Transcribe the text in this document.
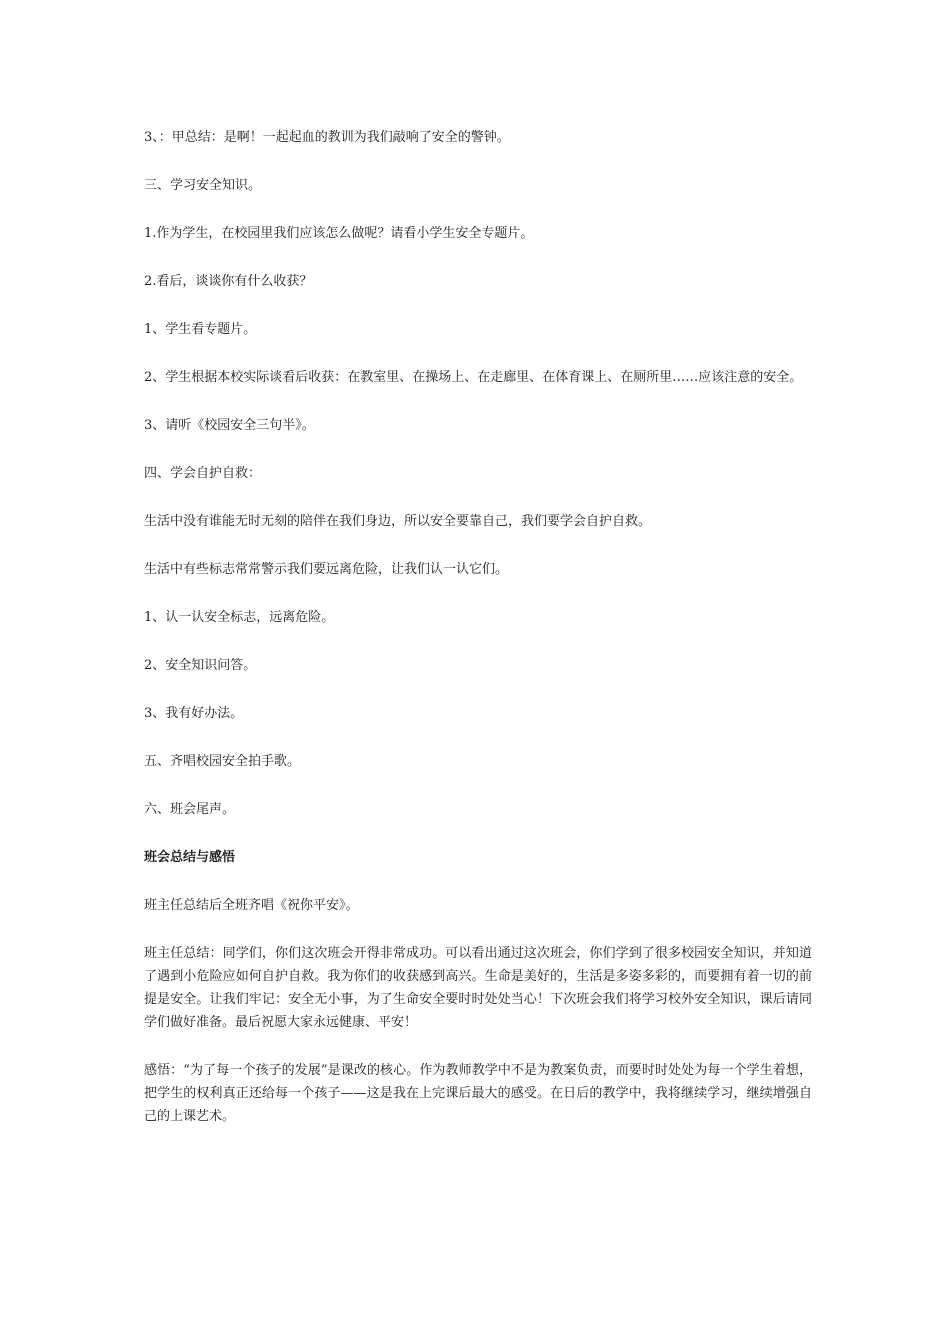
3、：甲总结：是啊！一起起血的教训为我们敲响了安全的警钟。

三、学习安全知识。

1.作为学生，在校园里我们应该怎么做呢？请看小学生安全专题片。

2.看后，谈谈你有什么收获？

1、学生看专题片。

2、学生根据本校实际谈看后收获：在教室里、在操场上、在走廊里、在体育课上、在厕所里……应该注意的安全。

3、请听《校园安全三句半》。

四、学会自护自救：

生活中没有谁能无时无刻的陪伴在我们身边，所以安全要靠自己，我们要学会自护自救。

生活中有些标志常常警示我们要远离危险，让我们认一认它们。

1、认一认安全标志，远离危险。

2、安全知识问答。

3、我有好办法。

五、齐唱校园安全拍手歌。

六、班会尾声。

班会总结与感悟

班主任总结后全班齐唱《祝你平安》。

班主任总结：同学们，你们这次班会开得非常成功。可以看出通过这次班会，你们学到了很多校园安全知识，并知道了遇到小危险应如何自护自救。我为你们的收获感到高兴。生命是美好的，生活是多姿多彩的，而要拥有着一切的前提是安全。让我们牢记：安全无小事，为了生命安全要时时处处当心！下次班会我们将学习校外安全知识，课后请同学们做好准备。最后祝愿大家永远健康、平安！

感悟：“为了每一个孩子的发展”是课改的核心。作为教师教学中不是为教案负责，而要时时处处为每一个学生着想，把学生的权利真正还给每一个孩子——这是我在上完课后最大的感受。在日后的教学中，我将继续学习，继续增强自己的上课艺术。
